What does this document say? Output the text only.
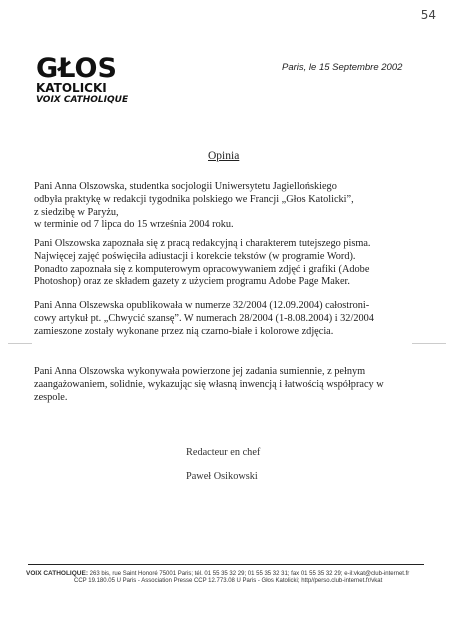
54
GŁOS
KATOLICKI
VOIX CATHOLIQUE
Paris, le 15 Septembre 2002
Opinia

Pani Anna Olszowska, studentka socjologii Uniwersytetu Jagiellońskiego

odbyła praktykę w redakcji tygodnika polskiego we Francji „Głos Katolicki”,

z siedzibę w Paryżu,

w terminie od 7 lipca do 15 września 2004 roku.

Pani Olszowska zapoznała się z pracą redakcyjną i charakterem tutejszego pisma.

Najwięcej zajęć poświęciła adiustacji i korekcie tekstów (w programie Word).

Ponadto zapoznała się z komputerowym opracowywaniem zdjęć i grafiki (Adobe

Photoshop) oraz ze składem gazety z użyciem programu Adobe Page Maker.

Pani Anna Olszewska opublikowała w numerze 32/2004 (12.09.2004) całostroni-

cowy artykuł pt. „Chwycić szansę”. W numerach 28/2004 (1-8.08.2004) i 32/2004

zamieszone zostały wykonane przez nią czarno-białe i kolorowe zdjęcia.

Pani Anna Olszowska wykonywała powierzone jej zadania sumiennie, z pełnym

zaangażowaniem, solidnie, wykazując się własną inwencją i łatwością współpracy w

zespole.

Redacteur en chef
Paweł Osikowski
VOIX CATHOLIQUE: 263 bis, rue Saint Honoré 75001 Paris; tél. 01 55 35 32 29; 01 55 35 32 31; fax 01 55 35 32 29; e-il:vkat@club-internet.fr
CCP 19.180.05 U Paris - Association Presse CCP 12.773.08 U Paris - Głos Katolicki; http//perso.club-internet.fr/vkat
